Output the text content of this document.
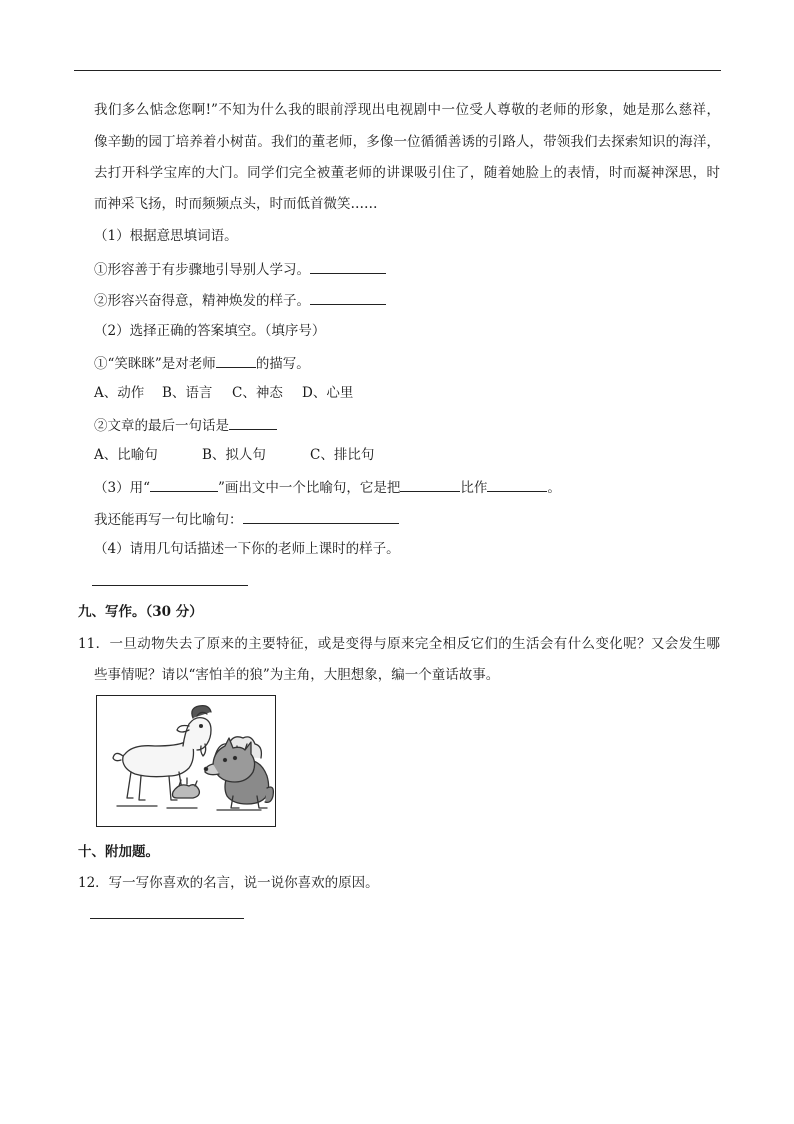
我们多么惦念您啊!”不知为什么我的眼前浮现出电视剧中一位受人尊敬的老师的形象，她是那么慈祥，
像辛勤的园丁培养着小树苗。我们的董老师，多像一位循循善诱的引路人，带领我们去探索知识的海洋，
去打开科学宝库的大门。同学们完全被董老师的讲课吸引住了，随着她脸上的表情，时而凝神深思，时
而神采飞扬，时而频频点头，时而低首微笑……
（1）根据意思填词语。
①形容善于有步骤地引导别人学习。
②形容兴奋得意，精神焕发的样子。
（2）选择正确的答案填空。（填序号）
①“笑眯眯”是对老师	的描写。
A、动作 B、语言 C、神态 D、心里
②文章的最后一句话是
A、比喻句	B、拟人句	C、排比句
（3）用“	”画出文中一个比喻句，它是把	比作	。
我还能再写一句比喻句：
（4）请用几句话描述一下你的老师上课时的样子。
九、写作。（30 分）
11．一旦动物失去了原来的主要特征，或是变得与原来完全相反它们的生活会有什么变化呢？又会发生哪
些事情呢？请以“害怕羊的狼”为主角，大胆想象，编一个童话故事。
十、附加题。
12．写一写你喜欢的名言，说一说你喜欢的原因。
